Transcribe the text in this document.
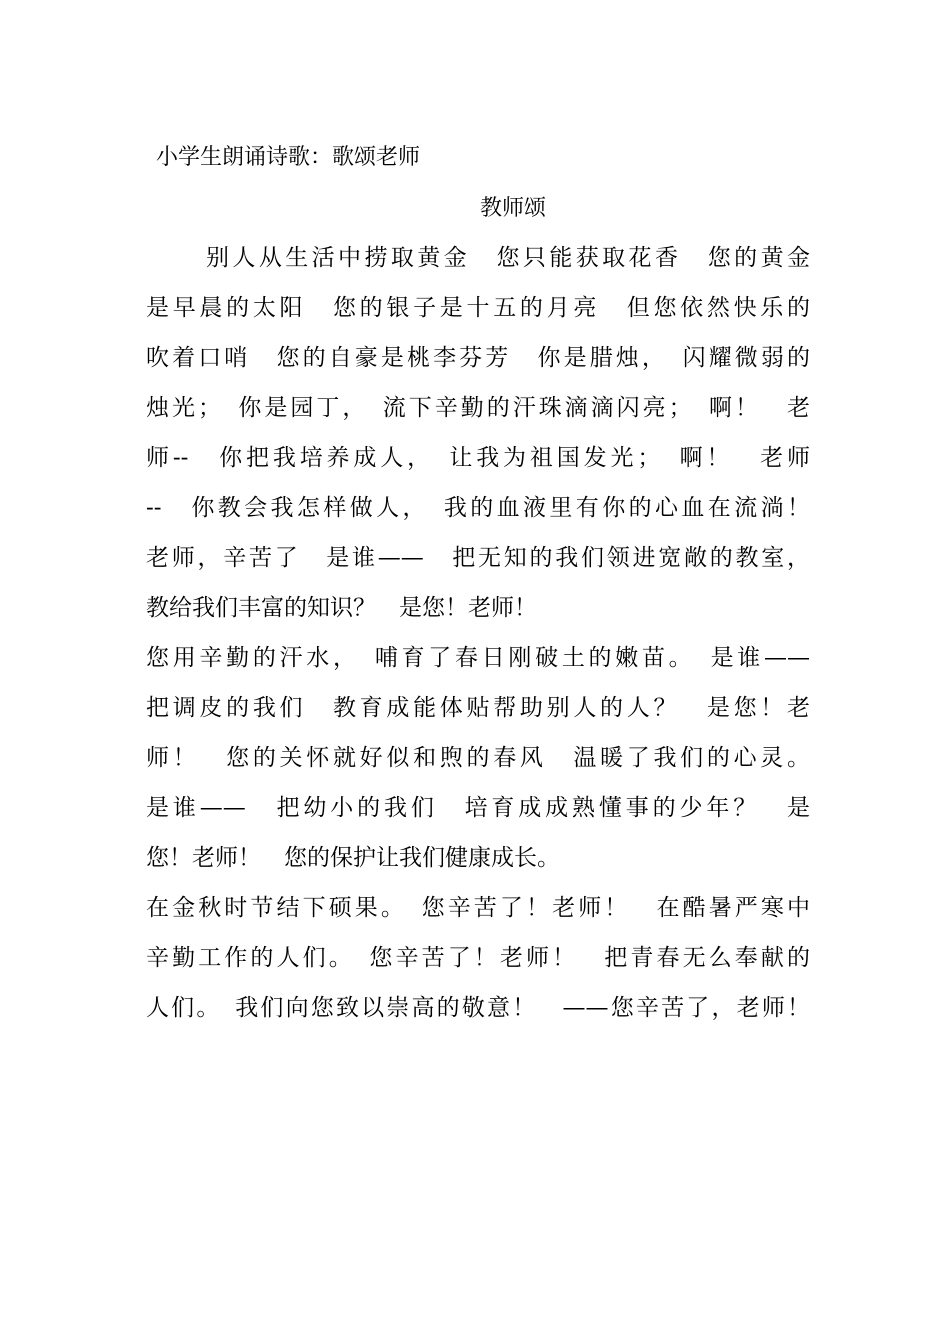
小学生朗诵诗歌：歌颂老师
教师颂
别人从生活中捞取黄金　您只能获取花香　您的黄金
是早晨的太阳　您的银子是十五的月亮　但您依然快乐的
吹着口哨　您的自豪是桃李芬芳　你是腊烛，　闪耀微弱的
烛光；　你是园丁，　流下辛勤的汗珠滴滴闪亮；　啊！　老
师--　你把我培养成人，　让我为祖国发光；　啊！　老师
--　你教会我怎样做人，　我的血液里有你的心血在流淌！
老师，辛苦了　是谁——　把无知的我们领进宽敞的教室，
教给我们丰富的知识？　是您！老师！
您用辛勤的汗水，　哺育了春日刚破土的嫩苗。　是谁——
把调皮的我们　教育成能体贴帮助别人的人？　是您！老
师！　您的关怀就好似和煦的春风　温暖了我们的心灵。
是谁——　把幼小的我们　培育成成熟懂事的少年？　是
您！老师！　您的保护让我们健康成长。
在金秋时节结下硕果。　您辛苦了！老师！　在酷暑严寒中
辛勤工作的人们。　您辛苦了！老师！　把青春无么奉献的
人们。　我们向您致以崇高的敬意！　——您辛苦了，老师！
